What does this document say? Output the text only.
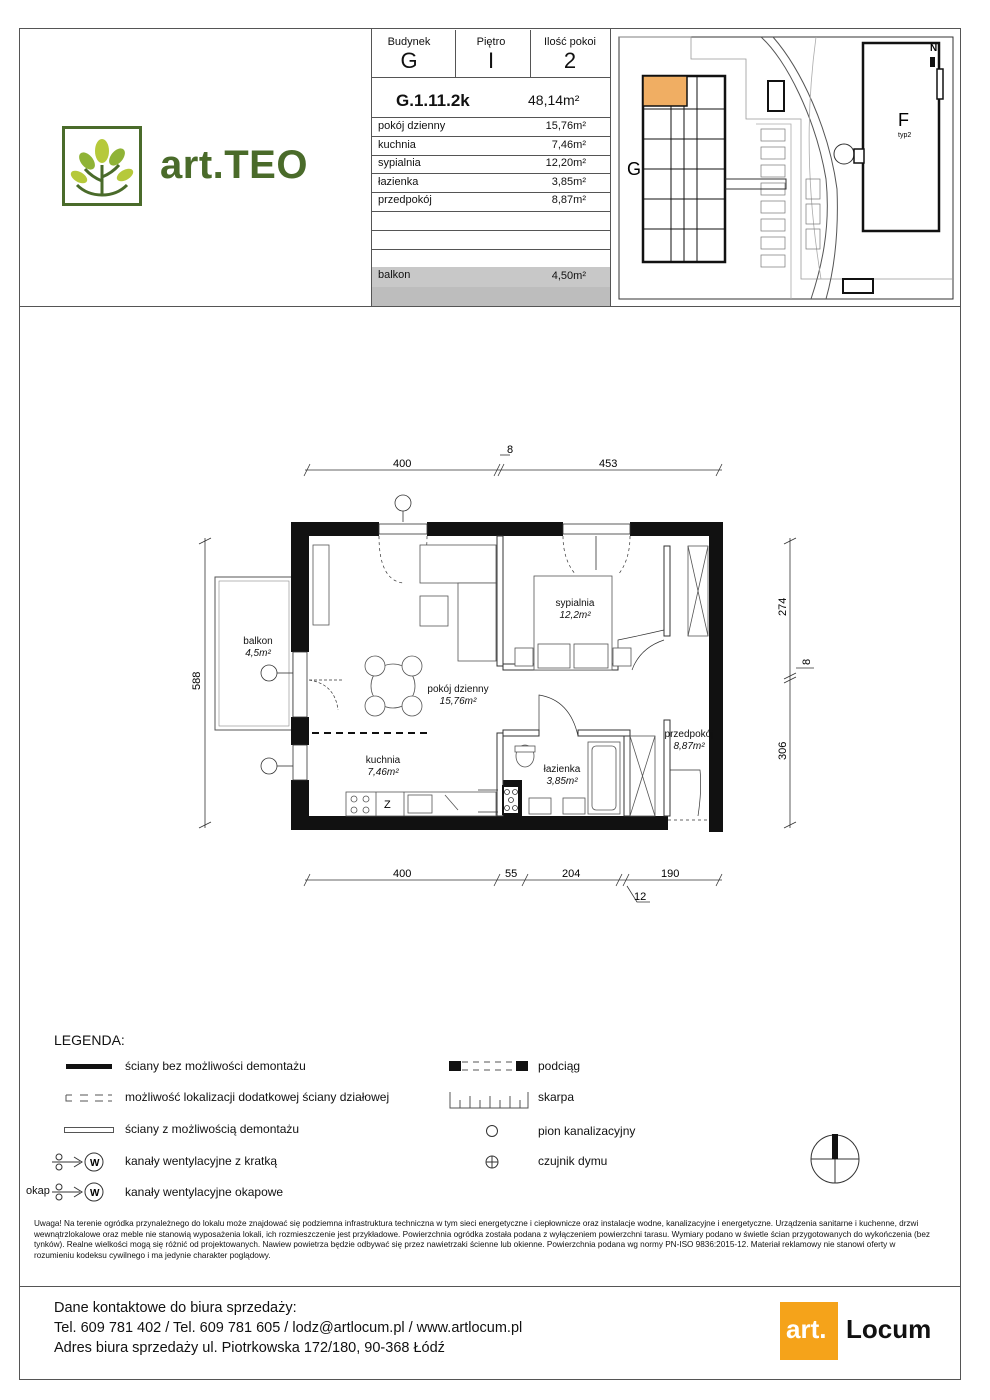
art.TEO
Budynek
G
Piętro
I
Ilość pokoi
2
G.1.11.2k	48,14m²
pokój dzienny	15,76m²
kuchnia	7,46m²
sypialnia	12,20m²
łazienka	3,85m²
przedpokój	8,87m²
balkon	4,50m²
G
F
typ2
N
400
8
453
400	55	204	190
12
588
274
8
306
Z
balkon
4,5m²
sypialnia
12,2m²
pokój dzienny
15,76m²
kuchnia
7,46m²	łazienka
3,85m²
przedpokój
8,87m²
LEGENDA:
ściany bez możliwości demontażu
możliwość lokalizacji dodatkowej ściany działowej
ściany z możliwością demontażu
W kanały wentylacyjne z kratką
okap	W kanały wentylacyjne okapowe
podciąg
skarpa
pion kanalizacyjny
czujnik dymu
Uwaga! Na terenie ogródka przynależnego do lokalu może znajdować się podziemna infrastruktura techniczna w tym sieci energetyczne i ciepłownicze oraz instalacje wodne, kanalizacyjne i energetyczne. Urządzenia sanitarne i kuchenne, drzwi wewnątrzlokalowe oraz meble nie stanowią wyposażenia lokali, ich rozmieszczenie jest przykładowe. Powierzchnia ogródka została podana z wyłączeniem powierzchni tarasu. Wymiary podano w świetle ścian przygotowanych do wykończenia (bez tynków). Realne wielkości mogą się różnić od projektowanych. Nawiew powietrza będzie odbywać się przez nawietrzaki ścienne lub okienne. Powierzchnia podana wg normy PN-ISO 9836:2015-12. Materiał reklamowy nie stanowi oferty w rozumieniu kodeksu cywilnego i ma jedynie charakter poglądowy.
Dane kontaktowe do biura sprzedaży:
Tel. 609 781 402 / Tel. 609 781 605 / lodz@artlocum.pl / www.artlocum.pl
Adres biura sprzedaży ul. Piotrkowska 172/180, 90-368 Łódź
art. Locum
